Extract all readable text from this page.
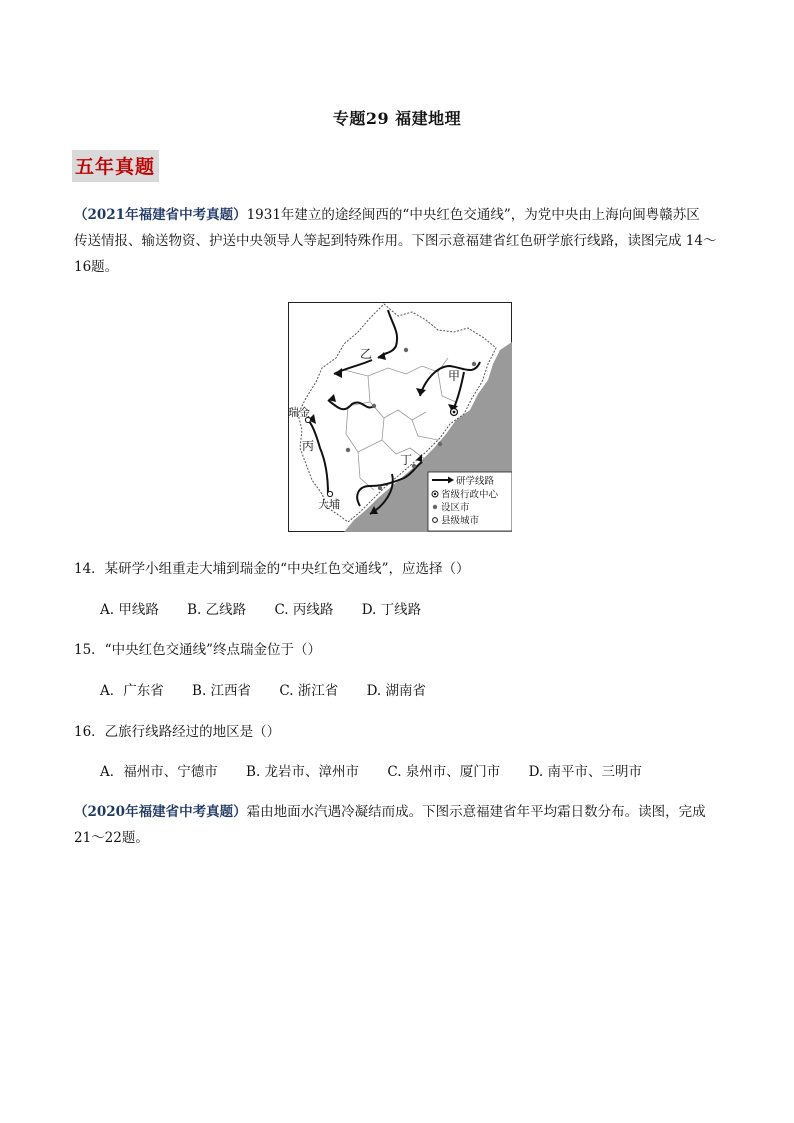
专题29 福建地理
五年真题
（2021年福建省中考真题）1931年建立的途经闽西的“中央红色交通线”，为党中央由上海向闽粤赣苏区
传送情报、输送物资、护送中央领导人等起到特殊作用。下图示意福建省红色研学旅行线路，读图完成 14～
16题。
乙
甲
瑞金
丙
丁
大埔
研学线路
省级行政中心
设区市
县级城市
14．某研学小组重走大埔到瑞金的“中央红色交通线”，应选择（）
A. 甲线路 B. 乙线路 C. 丙线路 D. 丁线路
15．“中央红色交通线”终点瑞金位于（）
A．广东省 B. 江西省 C. 浙江省 D. 湖南省
16．乙旅行线路经过的地区是（）
A．福州市、宁德市 B. 龙岩市、漳州市 C. 泉州市、厦门市 D. 南平市、三明市
（2020年福建省中考真题）霜由地面水汽遇冷凝结而成。下图示意福建省年平均霜日数分布。读图，完成
21～22题。
